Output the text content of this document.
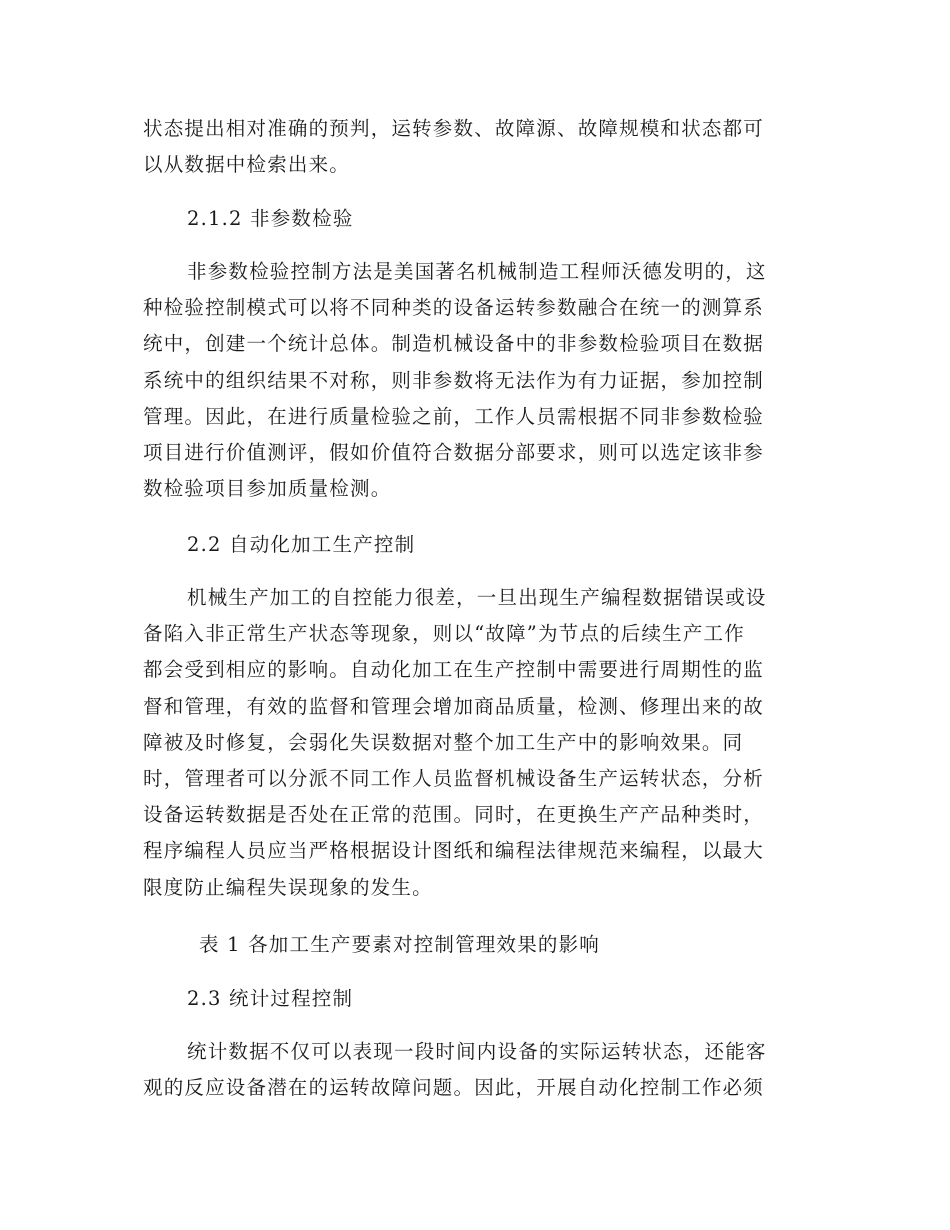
状态提出相对准确的预判，运转参数、故障源、故障规模和状态都可
以从数据中检索出来。
2.1.2 非参数检验
非参数检验控制方法是美国著名机械制造工程师沃德发明的，这
种检验控制模式可以将不同种类的设备运转参数融合在统一的测算系
统中，创建一个统计总体。制造机械设备中的非参数检验项目在数据
系统中的组织结果不对称，则非参数将无法作为有力证据，参加控制
管理。因此，在进行质量检验之前，工作人员需根据不同非参数检验
项目进行价值测评，假如价值符合数据分部要求，则可以选定该非参
数检验项目参加质量检测。
2.2 自动化加工生产控制
机械生产加工的自控能力很差，一旦出现生产编程数据错误或设
备陷入非正常生产状态等现象，则以“故障”为节点的后续生产工作
都会受到相应的影响。自动化加工在生产控制中需要进行周期性的监
督和管理，有效的监督和管理会增加商品质量，检测、修理出来的故
障被及时修复，会弱化失误数据对整个加工生产中的影响效果。同
时，管理者可以分派不同工作人员监督机械设备生产运转状态，分析
设备运转数据是否处在正常的范围。同时，在更换生产产品种类时，
程序编程人员应当严格根据设计图纸和编程法律规范来编程，以最大
限度防止编程失误现象的发生。
表 1 各加工生产要素对控制管理效果的影响
2.3 统计过程控制
统计数据不仅可以表现一段时间内设备的实际运转状态，还能客
观的反应设备潜在的运转故障问题。因此，开展自动化控制工作必须
